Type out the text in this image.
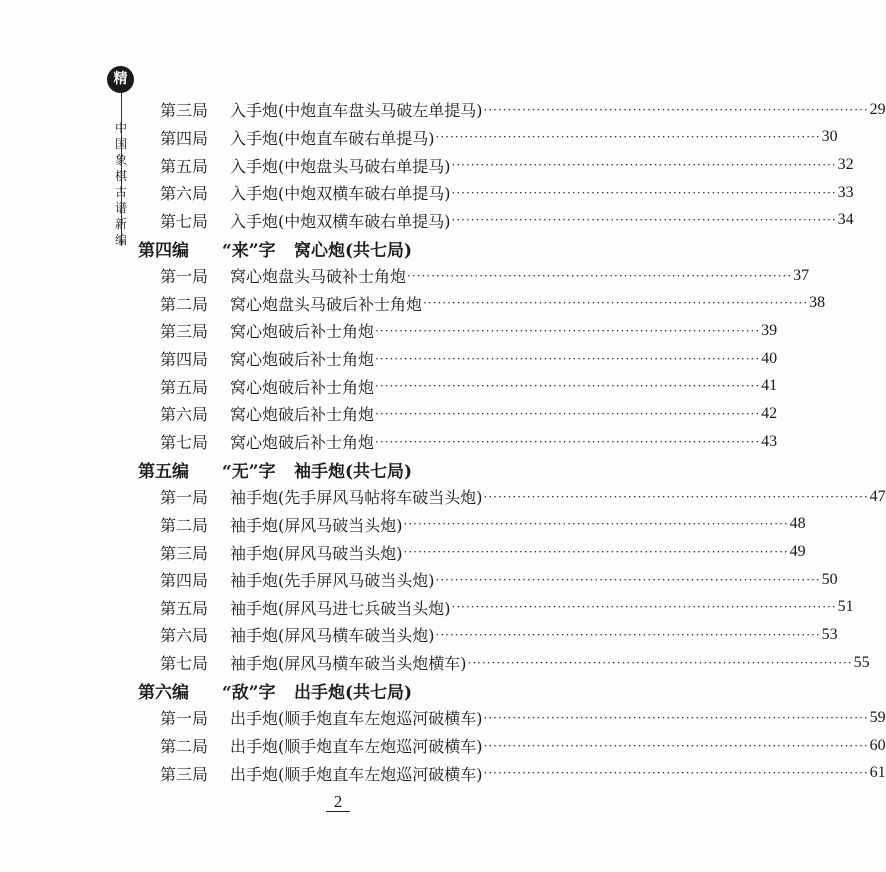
精
中
国
象
棋
古
谱
新
编
第三局	入手炮(中炮直车盘头马破左单提马) ················································································ 29
第四局	入手炮(中炮直车破右单提马) ················································································ 30
第五局	入手炮(中炮盘头马破右单提马) ················································································ 32
第六局	入手炮(中炮双横车破右单提马) ················································································ 33
第七局	入手炮(中炮双横车破右单提马) ················································································ 34
第四编	“来”字	窝心炮(共七局)
第一局	窝心炮盘头马破补士角炮 ················································································ 37
第二局	窝心炮盘头马破后补士角炮 ················································································ 38
第三局	窝心炮破后补士角炮 ················································································ 39
第四局	窝心炮破后补士角炮 ················································································ 40
第五局	窝心炮破后补士角炮 ················································································ 41
第六局	窝心炮破后补士角炮 ················································································ 42
第七局	窝心炮破后补士角炮 ················································································ 43
第五编	“无”字	袖手炮(共七局)
第一局	袖手炮(先手屏风马帖将车破当头炮) ················································································ 47
第二局	袖手炮(屏风马破当头炮) ················································································ 48
第三局	袖手炮(屏风马破当头炮) ················································································ 49
第四局	袖手炮(先手屏风马破当头炮) ················································································ 50
第五局	袖手炮(屏风马进七兵破当头炮) ················································································ 51
第六局	袖手炮(屏风马横车破当头炮) ················································································ 53
第七局	袖手炮(屏风马横车破当头炮横车) ················································································ 55
第六编	“敌”字	出手炮(共七局)
第一局	出手炮(顺手炮直车左炮巡河破横车) ················································································ 59
第二局	出手炮(顺手炮直车左炮巡河破横车) ················································································ 60
第三局	出手炮(顺手炮直车左炮巡河破横车) ················································································ 61
2
